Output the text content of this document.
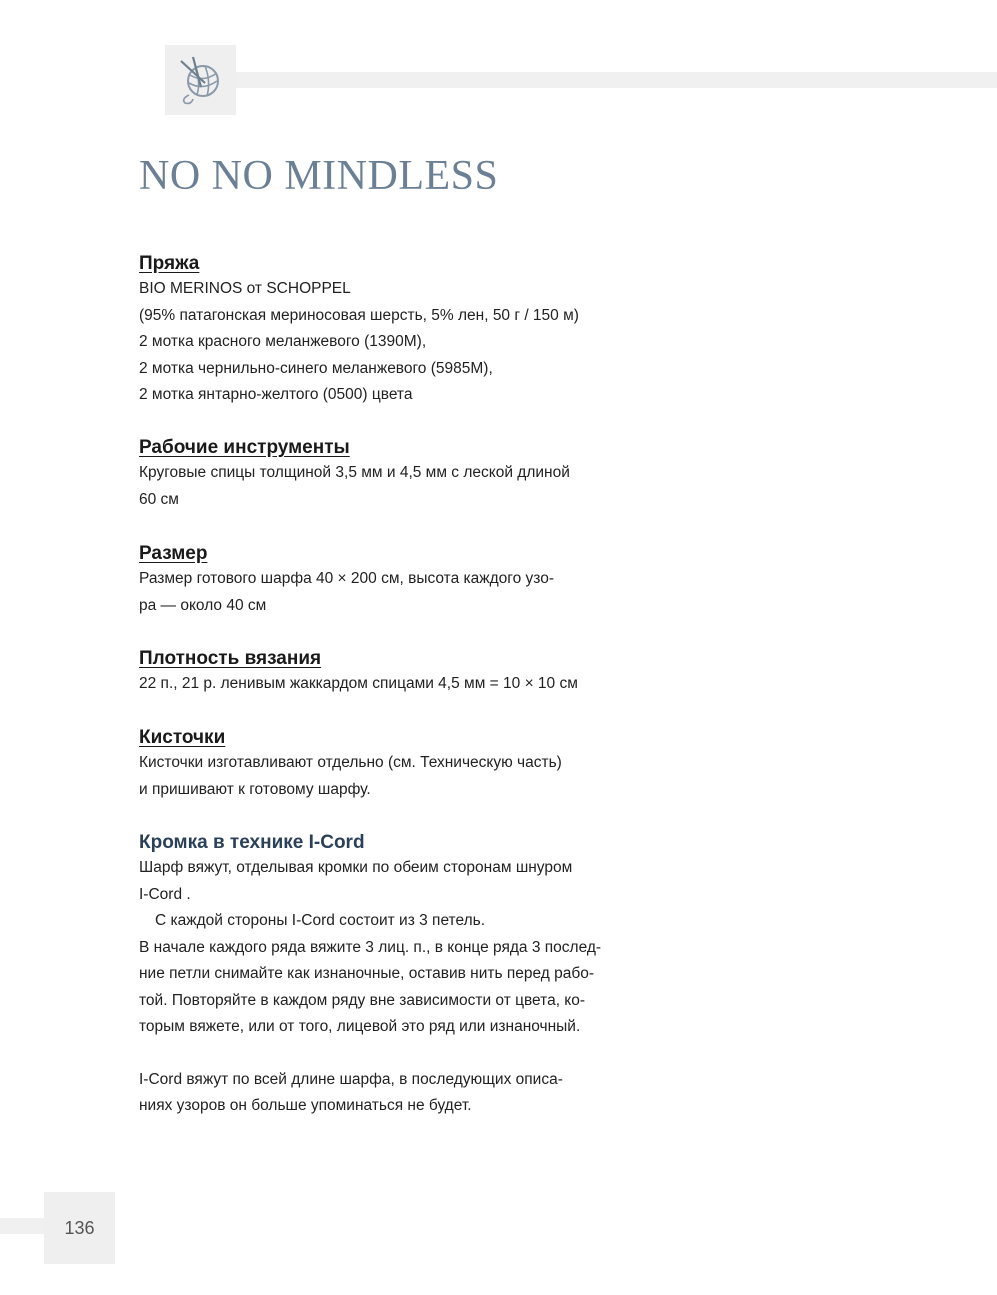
NO NO MINDLESS
Пряжа

BIO MERINOS от SCHOPPEL

(95% патагонская мериносовая шерсть, 5% лен, 50 г / 150 м)

2 мотка красного меланжевого (1390M),

2 мотка чернильно-синего меланжевого (5985M),

2 мотка янтарно-желтого (0500) цвета

Рабочие инструменты

Круговые спицы толщиной 3,5 мм и 4,5 мм с леской длиной

60 см

Размер

Размер готового шарфа 40 × 200 см, высота каждого узо-

ра — около 40 см

Плотность вязания

22 п., 21 р. ленивым жаккардом спицами 4,5 мм = 10 × 10 см

Кисточки

Кисточки изготавливают отдельно (см. Техническую часть)

и пришивают к готовому шарфу.

Кромка в технике I-Cord

Шарф вяжут, отделывая кромки по обеим сторонам шнуром

I-Cord .

С каждой стороны I-Cord состоит из 3 петель.

В начале каждого ряда вяжите 3 лиц. п., в конце ряда 3 послед-

ние петли снимайте как изнаночные, оставив нить перед рабо-

той. Повторяйте в каждом ряду вне зависимости от цвета, ко-

торым вяжете, или от того, лицевой это ряд или изнаночный.

I-Cord вяжут по всей длине шарфа, в последующих описа-

ниях узоров он больше упоминаться не будет.

136
